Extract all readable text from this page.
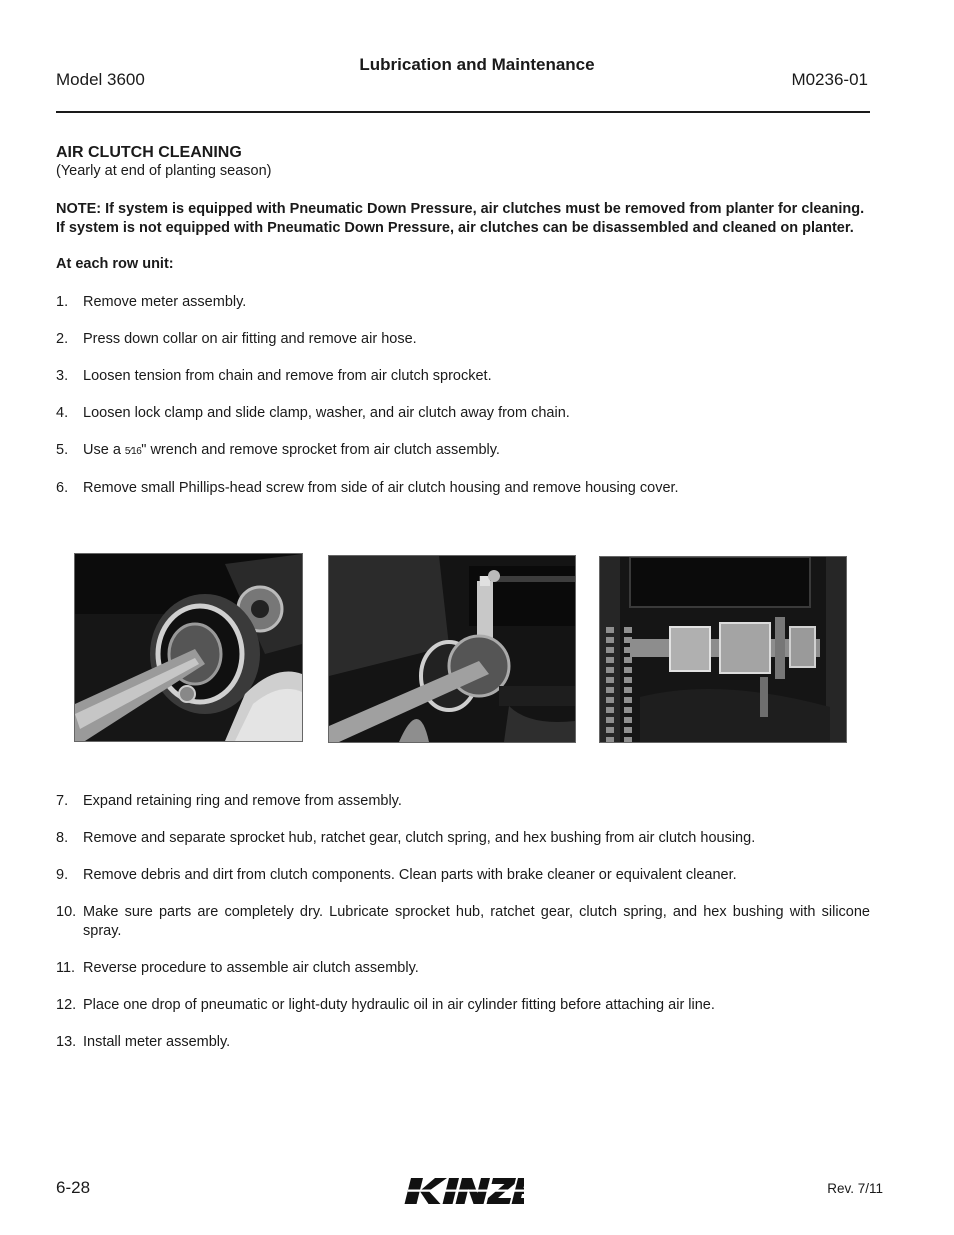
Lubrication and Maintenance
Model 3600	M0236-01
AIR CLUTCH CLEANING

(Yearly at end of planting season)

NOTE: If system is equipped with Pneumatic Down Pressure, air clutches must be removed from planter for cleaning. If system is not equipped with Pneumatic Down Pressure, air clutches can be disassembled and cleaned on planter.

At each row unit:

1. Remove meter assembly.
2. Press down collar on air fitting and remove air hose.
3. Loosen tension from chain and remove from air clutch sprocket.
4. Loosen lock clamp and slide clamp, washer, and air clutch away from chain.
5. Use a 5⁄16" wrench and remove sprocket from air clutch assembly.
6. Remove small Phillips-head screw from side of air clutch housing and remove housing cover.
7. Expand retaining ring and remove from assembly.
8. Remove and separate sprocket hub, ratchet gear, clutch spring, and hex bushing from air clutch housing.
9. Remove debris and dirt from clutch components. Clean parts with brake cleaner or equivalent cleaner.
10. Make sure parts are completely dry. Lubricate sprocket hub, ratchet gear, clutch spring, and hex bushing with silicone spray.
11. Reverse procedure to assemble air clutch assembly.
12. Place one drop of pneumatic or light-duty hydraulic oil in air cylinder fitting before attaching air line.
13. Install meter assembly.
6-28	Rev. 7/11
